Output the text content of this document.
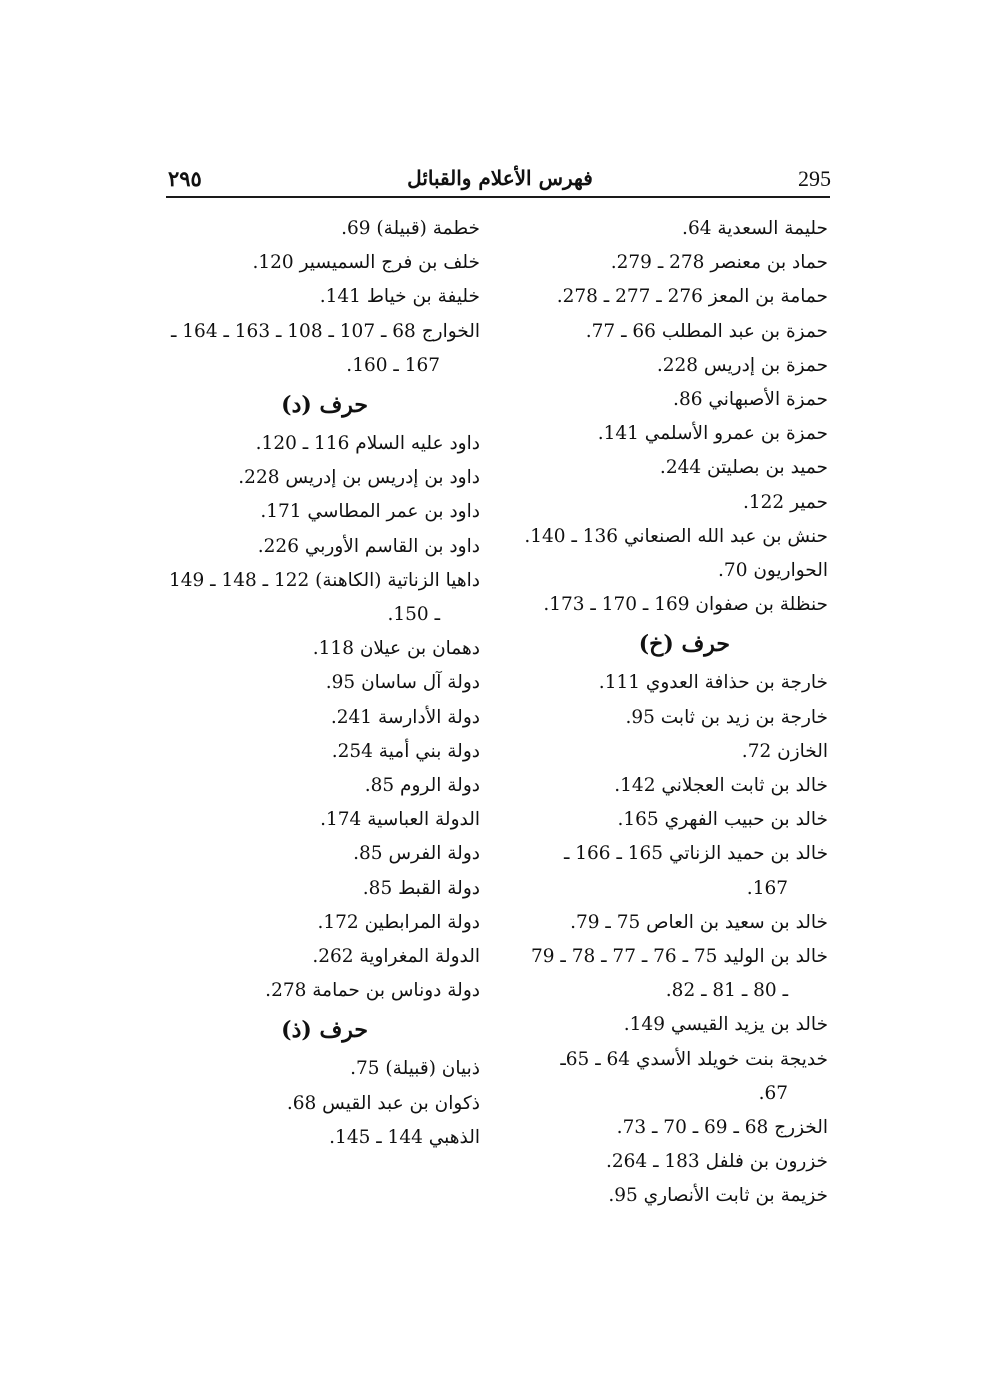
295
فهرس الأعلام والقبائل
٢٩٥
حليمة السعدية 64.
حماد بن معنصر 278 ـ 279.
حمامة بن المعز 276 ـ 277 ـ 278.
حمزة بن عبد المطلب 66 ـ 77.
حمزة بن إدريس 228.
حمزة الأصبهاني 86.
حمزة بن عمرو الأسلمي 141.
حميد بن بصليتن 244.
حمير 122.
حنش بن عبد الله الصنعاني 136 ـ 140.
الحواريون 70.
حنظلة بن صفوان 169 ـ 170 ـ 173.
حرف (خ)
خارجة بن حذافة العدوي 111.
خارجة بن زيد بن ثابت 95.
الخازن 72.
خالد بن ثابت العجلاني 142.
خالد بن حبيب الفهري 165.
خالد بن حميد الزناتي 165 ـ 166 ـ
167.
خالد بن سعيد بن العاص 75 ـ 79.
خالد بن الوليد 75 ـ 76 ـ 77 ـ 78 ـ 79
ـ 80 ـ 81 ـ 82.
خالد بن يزيد القيسي 149.
خديجة بنت خويلد الأسدي 64 ـ 65ـ
67.
الخزرج 68 ـ 69 ـ 70 ـ 73.
خزرون بن فلفل 183 ـ 264.
خزيمة بن ثابت الأنصاري 95.
خطمة (قبيلة) 69.
خلف بن فرج السميسير 120.
خليفة بن خياط 141.
الخوارج 68 ـ 107 ـ 108 ـ 163 ـ 164 ـ
167 ـ 160.
حرف (د)
داود عليه السلام 116 ـ 120.
داود بن إدريس بن إدريس 228.
داود بن عمر المطاسي 171.
داود بن القاسم الأوربي 226.
داهيا الزناتية (الكاهنة) 122 ـ 148 ـ 149
ـ 150.
دهمان بن عيلان 118.
دولة آل ساسان 95.
دولة الأدارسة 241.
دولة بني أمية 254.
دولة الروم 85.
الدولة العباسية 174.
دولة الفرس 85.
دولة القبط 85.
دولة المرابطين 172.
الدولة المغراوية 262.
دولة دوناس بن حمامة 278.
حرف (ذ)
ذبيان (قبيلة) 75.
ذكوان بن عبد القيس 68.
الذهبي 144 ـ 145.
